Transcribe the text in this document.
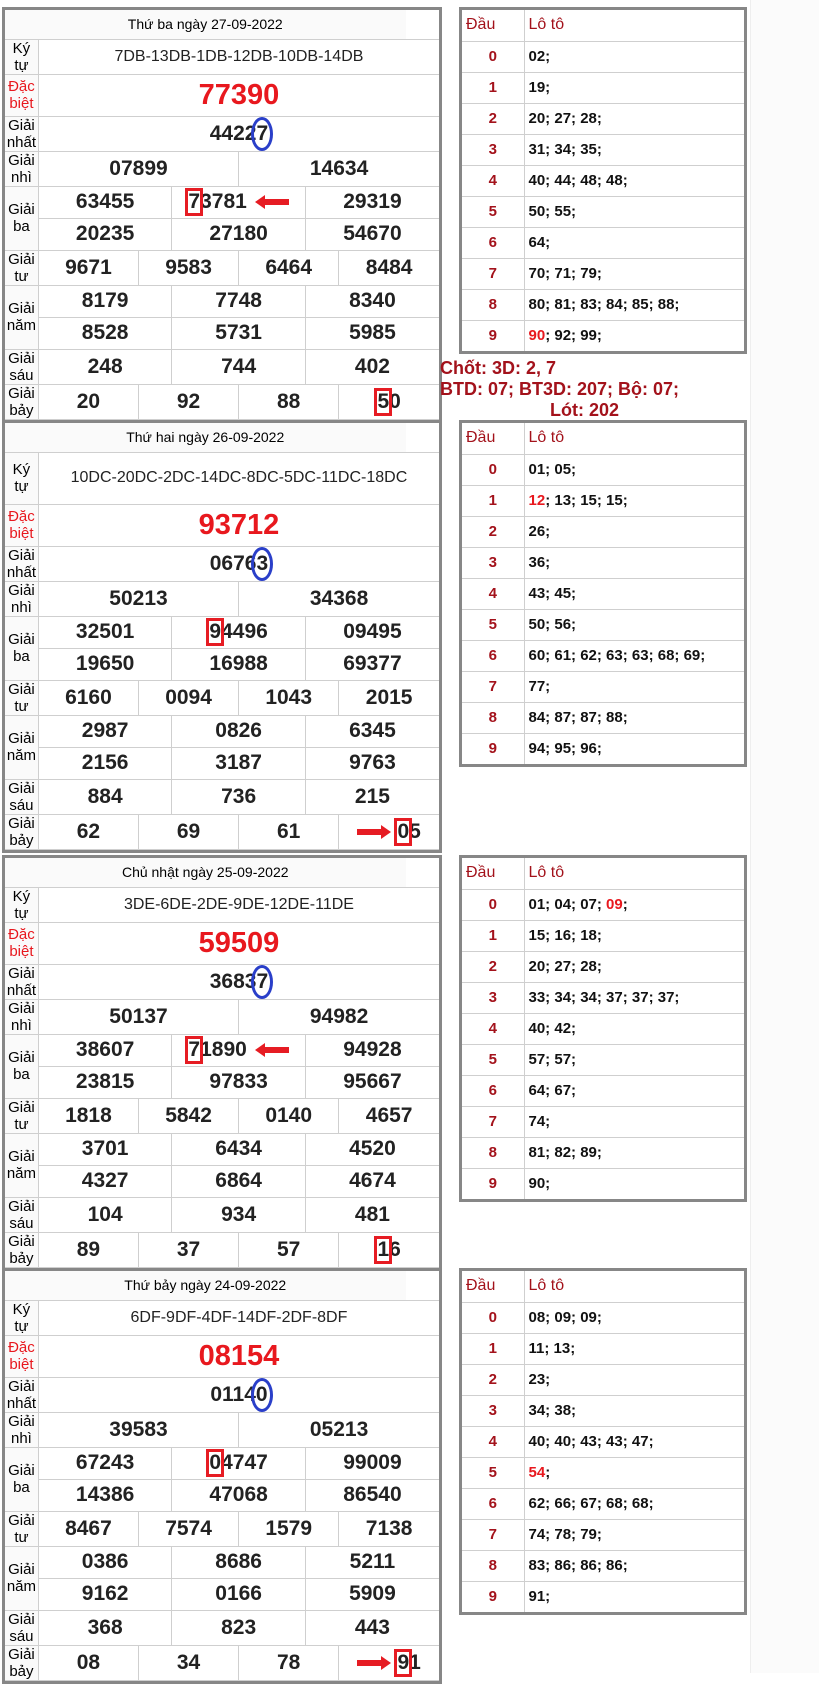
Thứ ba ngày 27-09-2022												
Ký tự	7DB-13DB-1DB-12DB-10DB-14DB											
Đặc biệt	77390											
Giải nhất	44227											
Giải nhì	07899						14634					
Giải ba	63455				73781				29319			
	20235				27180				54670			
Giải tư	9671			9583			6464			8484		
Giải năm	8179				7748				8340			
	8528				5731				5985			
Giải sáu	248				744				402			
Giải bảy	20			92			88			50		

Đầu	Lô tô
0	02;
1	19;
2	20; 27; 28;
3	31; 34; 35;
4	40; 44; 48; 48;
5	50; 55;
6	64;
7	70; 71; 79;
8	80; 81; 83; 84; 85; 88;
9	90; 92; 99;
Chốt: 3D: 2, 7
BTD: 07; BT3D: 207; Bộ: 07;
Lót: 202
Thứ hai ngày 26-09-2022												
Ký tự	10DC-20DC-2DC-14DC-8DC-5DC-11DC-18DC											
Đặc biệt	93712											
Giải nhất	06763											
Giải nhì	50213						34368					
Giải ba	32501				94496				09495			
	19650				16988				69377			
Giải tư	6160			0094			1043			2015		
Giải năm	2987				0826				6345			
	2156				3187				9763			
Giải sáu	884				736				215			
Giải bảy	62			69			61			05		

Đầu	Lô tô
0	01; 05;
1	12; 13; 15; 15;
2	26;
3	36;
4	43; 45;
5	50; 56;
6	60; 61; 62; 63; 63; 68; 69;
7	77;
8	84; 87; 87; 88;
9	94; 95; 96;
Chủ nhật ngày 25-09-2022												
Ký tự	3DE-6DE-2DE-9DE-12DE-11DE											
Đặc biệt	59509											
Giải nhất	36837											
Giải nhì	50137						94982					
Giải ba	38607				71890				94928			
	23815				97833				95667			
Giải tư	1818			5842			0140			4657		
Giải năm	3701				6434				4520			
	4327				6864				4674			
Giải sáu	104				934				481			
Giải bảy	89			37			57			16		

Đầu	Lô tô
0	01; 04; 07; 09;
1	15; 16; 18;
2	20; 27; 28;
3	33; 34; 34; 37; 37; 37;
4	40; 42;
5	57; 57;
6	64; 67;
7	74;
8	81; 82; 89;
9	90;
Thứ bảy ngày 24-09-2022												
Ký tự	6DF-9DF-4DF-14DF-2DF-8DF											
Đặc biệt	08154											
Giải nhất	01140											
Giải nhì	39583						05213					
Giải ba	67243				04747				99009			
	14386				47068				86540			
Giải tư	8467			7574			1579			7138		
Giải năm	0386				8686				5211			
	9162				0166				5909			
Giải sáu	368				823				443			
Giải bảy	08			34			78			91		

Đầu	Lô tô
0	08; 09; 09;
1	11; 13;
2	23;
3	34; 38;
4	40; 40; 43; 43; 47;
5	54;
6	62; 66; 67; 68; 68;
7	74; 78; 79;
8	83; 86; 86; 86;
9	91;
